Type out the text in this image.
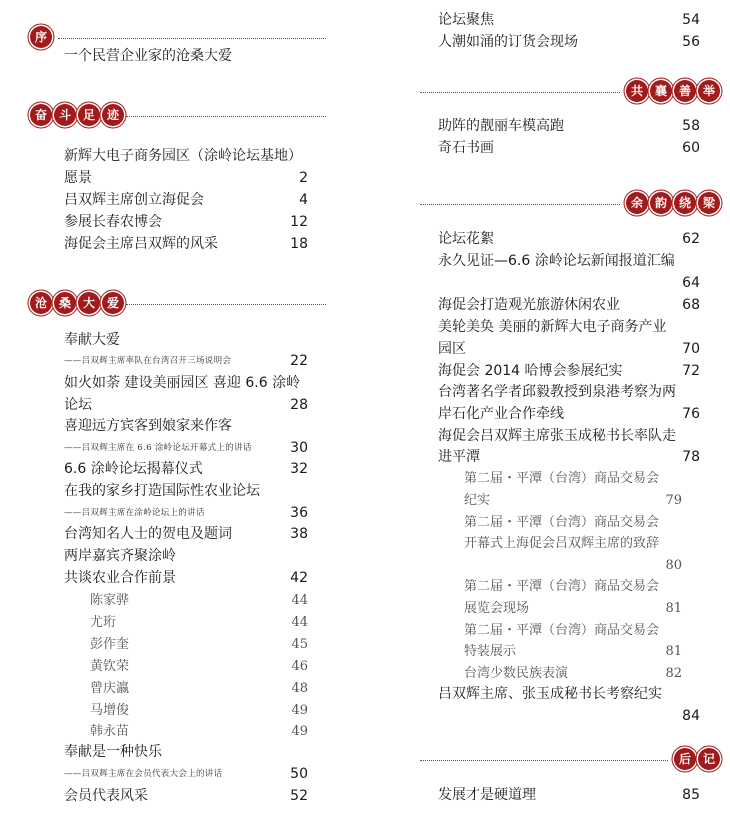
序
一个民营企业家的沧桑大爱
奋 斗 足 迹
新辉大电子商务园区（涂岭论坛基地）
愿景	2
吕双辉主席创立海促会	4
参展长春农博会	12
海促会主席吕双辉的风采	18
沧 桑 大 爱
奉献大爱
——吕双辉主席率队在台湾召开三场说明会	22
如火如荼 建设美丽园区 喜迎 6.6 涂岭
论坛	28
喜迎远方宾客到娘家来作客
——吕双辉主席在 6.6 涂岭论坛开幕式上的讲话	30
6.6 涂岭论坛揭幕仪式	32
在我的家乡打造国际性农业论坛
——吕双辉主席在涂岭论坛上的讲话	36
台湾知名人士的贺电及题词	38
两岸嘉宾齐聚涂岭
共谈农业合作前景	42
陈家骅	44
尤珩	44
彭作奎	45
黄钦荣	46
曾庆瀛	48
马增俊	49
韩永苗	49
奉献是一种快乐
——吕双辉主席在会员代表大会上的讲话	50
会员代表风采	52
论坛聚焦	54
人潮如涌的订货会现场	56
共 襄 善 举
助阵的靓丽车模高跑	58
奇石书画	60
余 韵 绕 梁
论坛花絮	62
永久见证—6.6 涂岭论坛新闻报道汇编
64
海促会打造观光旅游休闲农业	68
美轮美奂 美丽的新辉大电子商务产业
园区	70
海促会 2014 哈博会参展纪实	72
台湾著名学者邱毅教授到泉港考察为两
岸石化产业合作牵线	76
海促会吕双辉主席张玉成秘书长率队走
进平潭	78
第二届・平潭（台湾）商品交易会
纪实	79
第二届・平潭（台湾）商品交易会
开幕式上海促会吕双辉主席的致辞
80
第二届・平潭（台湾）商品交易会
展览会现场	81
第二届・平潭（台湾）商品交易会
特装展示	81
台湾少数民族表演	82
吕双辉主席、张玉成秘书长考察纪实
84
后 记
发展才是硬道理	85
